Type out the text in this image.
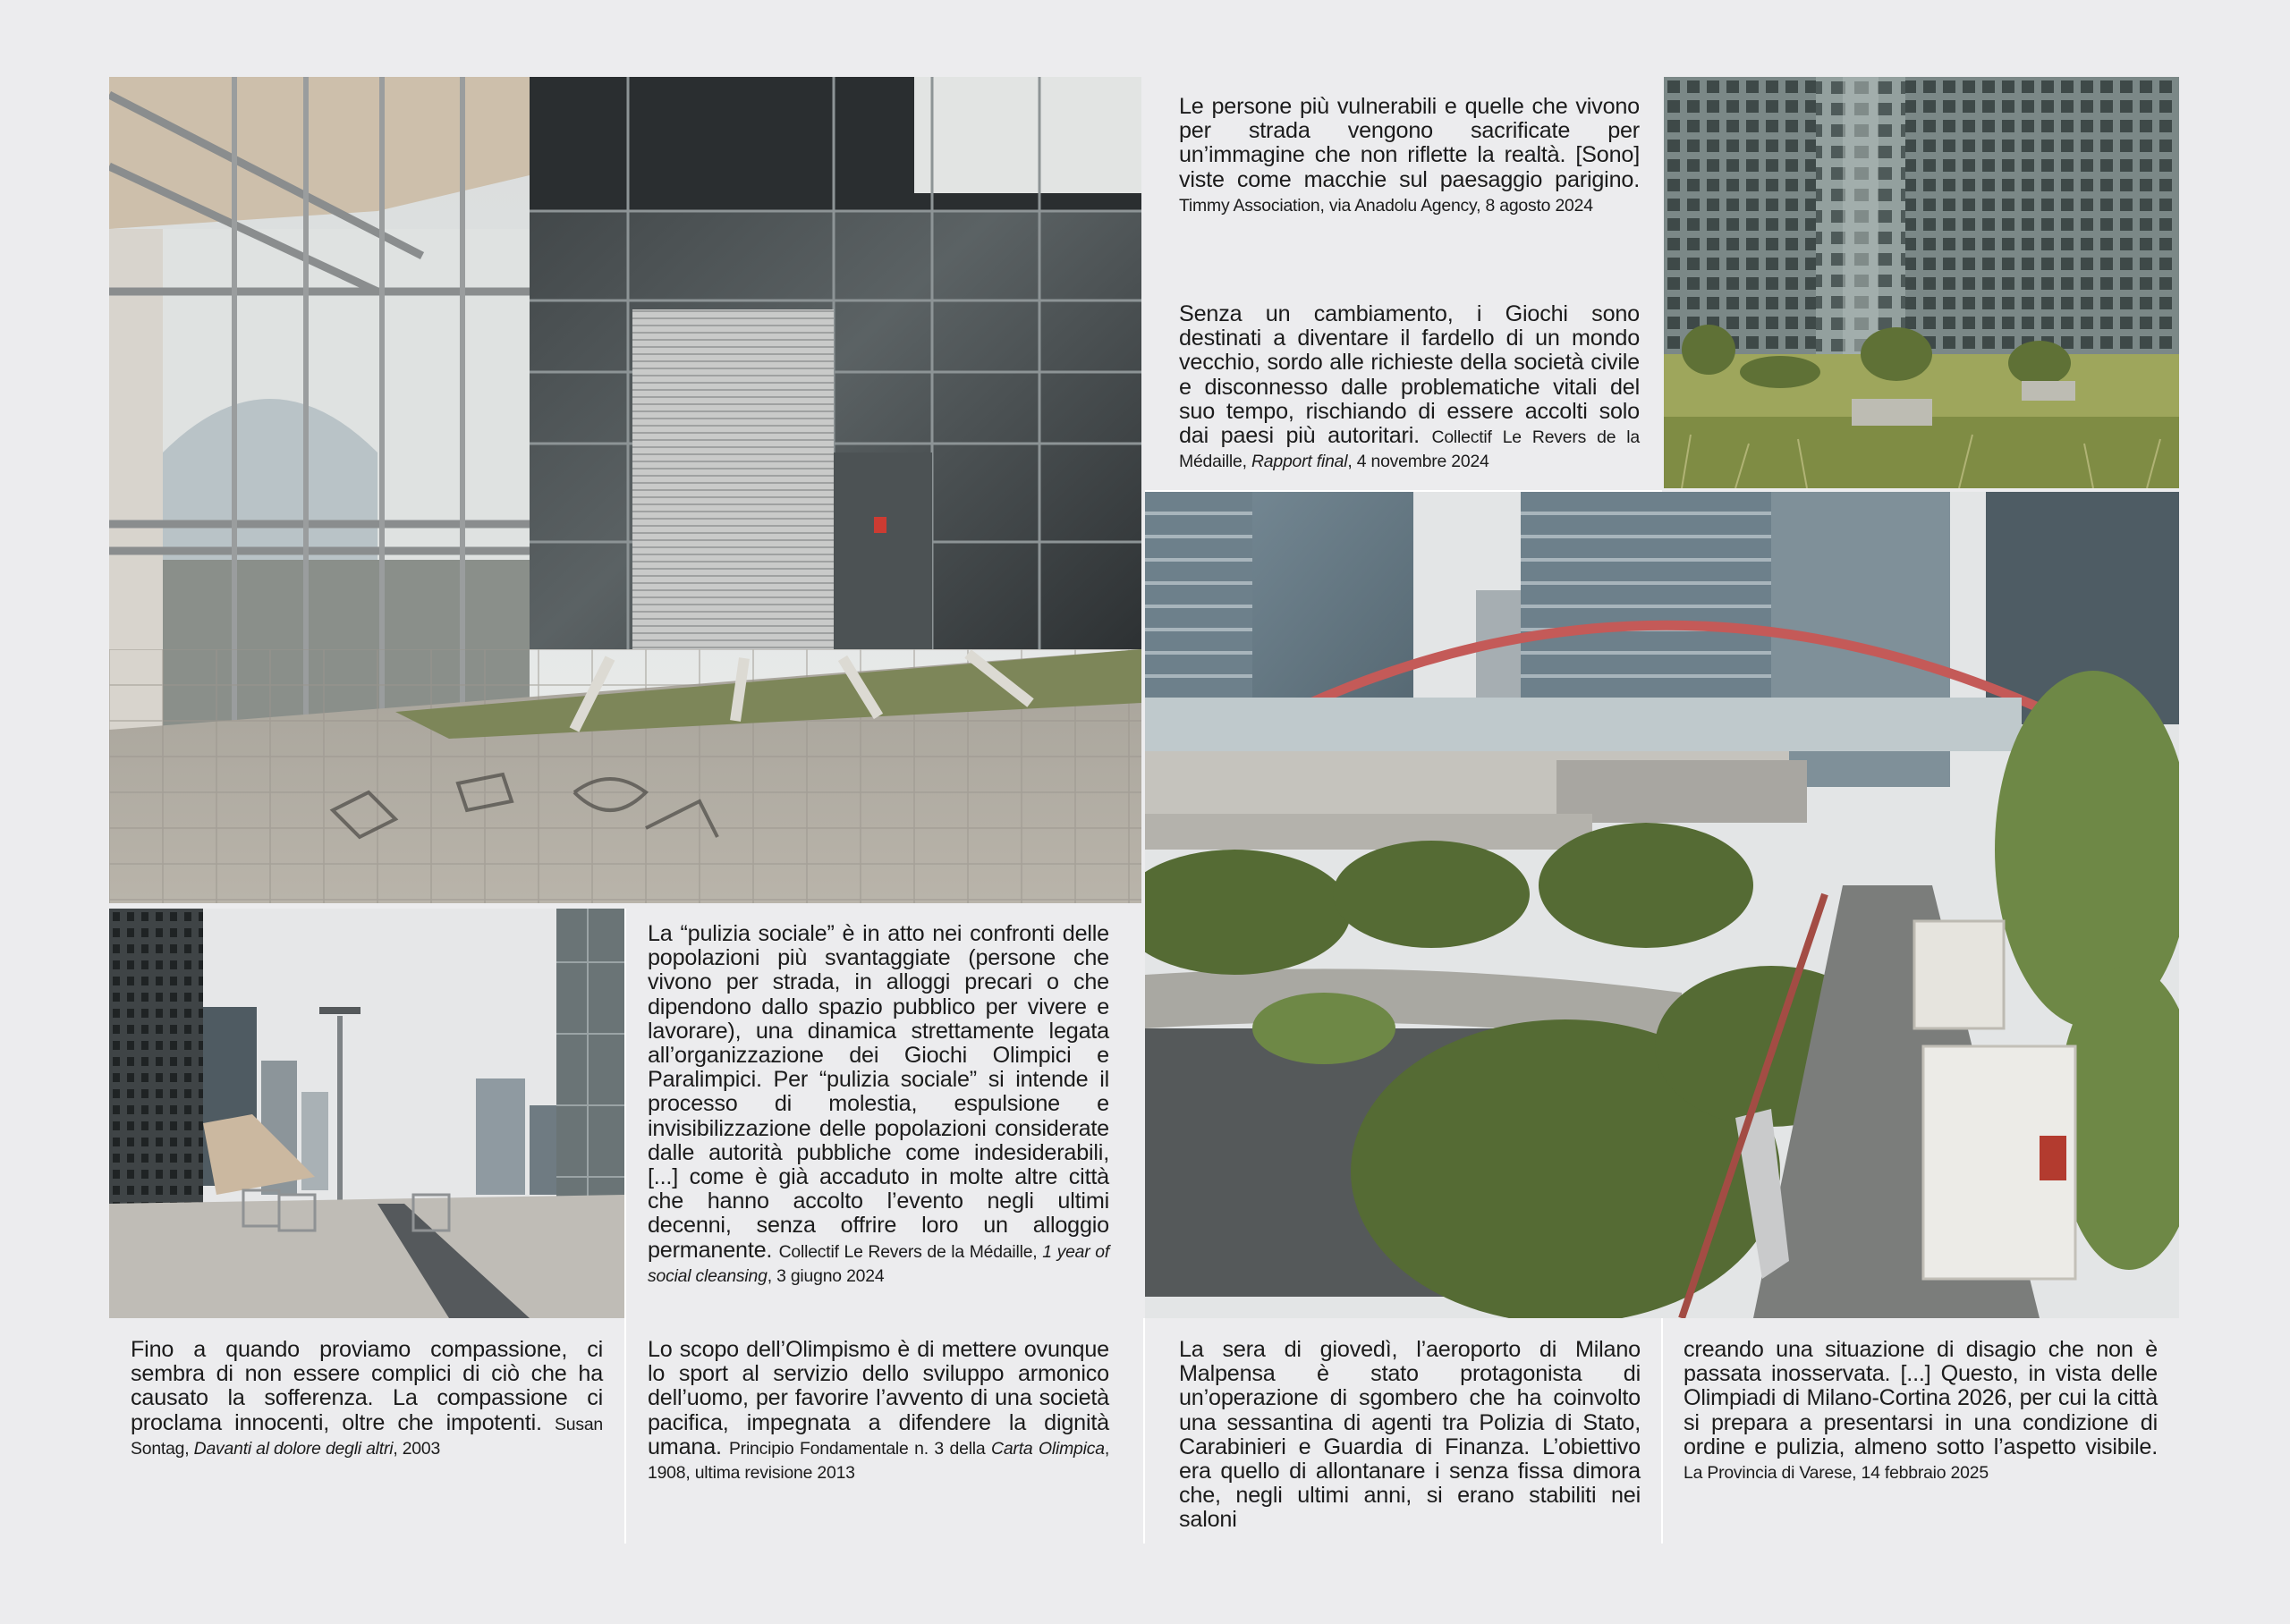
Le persone più vulnerabili e quelle che vivono per strada vengono sacrificate per un’immagine che non riflette la realtà. [Sono] viste come macchie sul paesaggio parigino. Timmy Association, via Anadolu Agency, 8 agosto 2024
Senza un cambiamento, i Giochi sono destinati a diventare il fardello di un mondo vecchio, sordo alle richieste della società civile e disconnesso dalle problematiche vitali del suo tempo, rischiando di essere accolti solo dai paesi più autoritari. Collectif Le Revers de la Médaille, Rapport final, 4 novembre 2024
La “pulizia sociale” è in atto nei confronti delle popolazioni più svantaggiate (persone che vivono per strada, in alloggi precari o che dipendono dallo spazio pubblico per vivere e lavorare), una dinamica strettamente legata all’organizzazione dei Giochi Olimpici e Paralimpici. Per “pulizia sociale” si intende il processo di molestia, espulsione e invisibilizzazione delle popolazioni considerate dalle autorità pubbliche come indesiderabili, [...] come è già accaduto in molte altre città che hanno accolto l’evento negli ultimi decenni, senza offrire loro un alloggio permanente. Collectif Le Revers de la Médaille, 1 year of social cleansing, 3 giugno 2024
Fino a quando proviamo compassione, ci sembra di non essere complici di ciò che ha causato la sofferenza. La compassione ci proclama innocenti, oltre che impotenti. Susan Sontag, Davanti al dolore degli altri, 2003
Lo scopo dell’Olimpismo è di mettere ovunque lo sport al servizio dello sviluppo armonico dell’uomo, per favorire l’avvento di una società pacifica, impegnata a difendere la dignità umana. Principio Fondamentale n. 3 della Carta Olimpica, 1908, ultima revisione 2013
La sera di giovedì, l’aeroporto di Milano Malpensa è stato protagonista di un’operazione di sgombero che ha coinvolto una sessantina di agenti tra Polizia di Stato, Carabinieri e Guardia di Finanza. L’obiettivo era quello di allontanare i senza fissa dimora che, negli ultimi anni, si erano stabiliti nei saloni
creando una situazione di disagio che non è passata inosservata. [...] Questo, in vista delle Olimpiadi di Milano-Cortina 2026, per cui la città si prepara a presentarsi in una condizione di ordine e pulizia, almeno sotto l’aspetto visibile. La Provincia di Varese, 14 febbraio 2025
